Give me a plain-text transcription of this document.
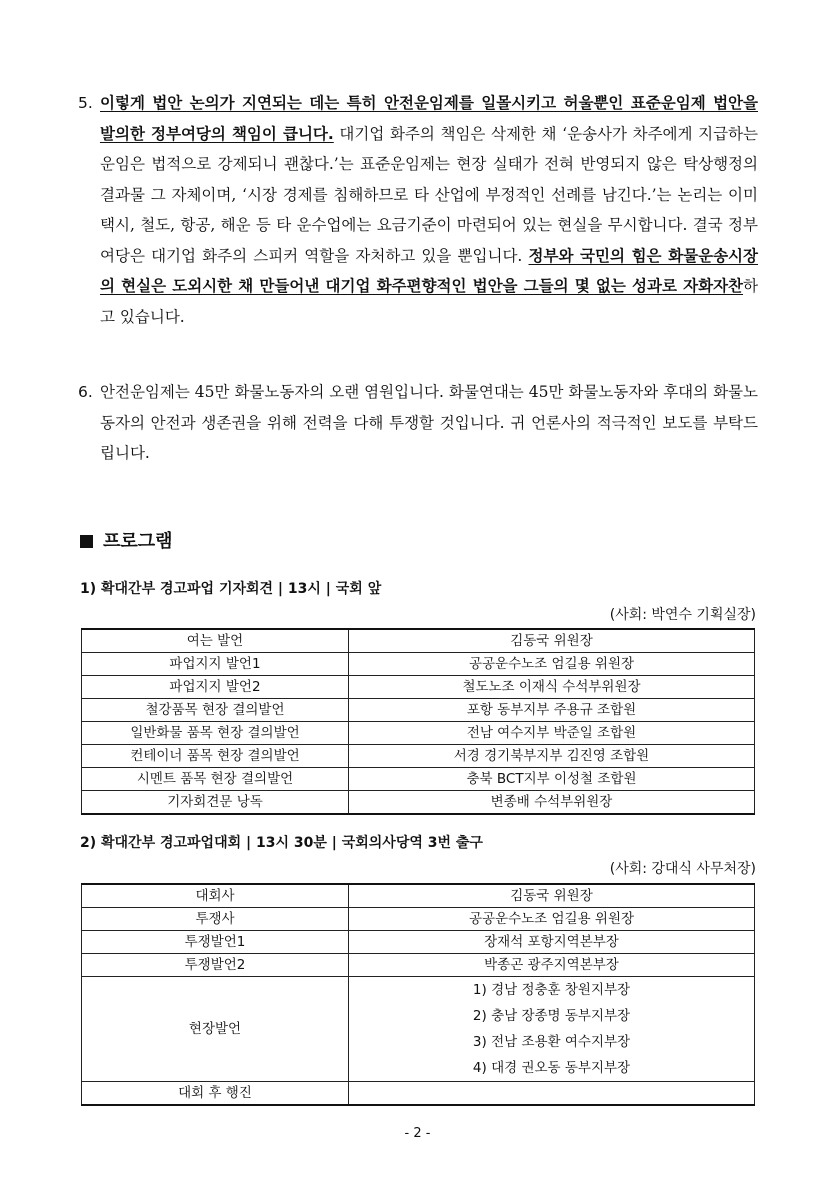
5. 이렇게 법안 논의가 지연되는 데는 특히 안전운임제를 일몰시키고 허울뿐인 표준운임제 법안을 발의한 정부여당의 책임이 큽니다. 대기업 화주의 책임은 삭제한 채 ‘운송사가 차주에게 지급하는 운임은 법적으로 강제되니 괜찮다.’는 표준운임제는 현장 실태가 전혀 반영되지 않은 탁상행정의 결과물 그 자체이며, ‘시장 경제를 침해하므로 타 산업에 부정적인 선례를 남긴다.’는 논리는 이미 택시, 철도, 항공, 해운 등 타 운수업에는 요금기준이 마련되어 있는 현실을 무시합니다. 결국 정부여당은 대기업 화주의 스피커 역할을 자처하고 있을 뿐입니다. 정부와 국민의 힘은 화물운송시장의 현실은 도외시한 채 만들어낸 대기업 화주편향적인 법안을 그들의 몇 없는 성과로 자화자찬하고 있습니다.
6. 안전운임제는 45만 화물노동자의 오랜 염원입니다. 화물연대는 45만 화물노동자와 후대의 화물노동자의 안전과 생존권을 위해 전력을 다해 투쟁할 것입니다. 귀 언론사의 적극적인 보도를 부탁드립니다.
프로그램
1) 확대간부 경고파업 기자회견 | 13시 | 국회 앞
(사회: 박연수 기획실장)
여는 발언	김동국 위원장
파업지지 발언1	공공운수노조 엄길용 위원장
파업지지 발언2	철도노조 이재식 수석부위원장
철강품목 현장 결의발언	포항 동부지부 주용규 조합원
일반화물 품목 현장 결의발언	전남 여수지부 박준일 조합원
컨테이너 품목 현장 결의발언	서경 경기북부지부 김진영 조합원
시멘트 품목 현장 결의발언	충북 BCT지부 이성철 조합원
기자회견문 낭독	변종배 수석부위원장
2) 확대간부 경고파업대회 | 13시 30분 | 국회의사당역 3번 출구
(사회: 강대식 사무처장)
대회사	김동국 위원장
투쟁사	공공운수노조 엄길용 위원장
투쟁발언1	장재석 포항지역본부장
투쟁발언2	박종곤 광주지역본부장
현장발언	1) 경남 정충훈 창원지부장
2) 충남 장종명 동부지부장
3) 전남 조용환 여수지부장
4) 대경 권오동 동부지부장

대회 후 행진	
- 2 -
